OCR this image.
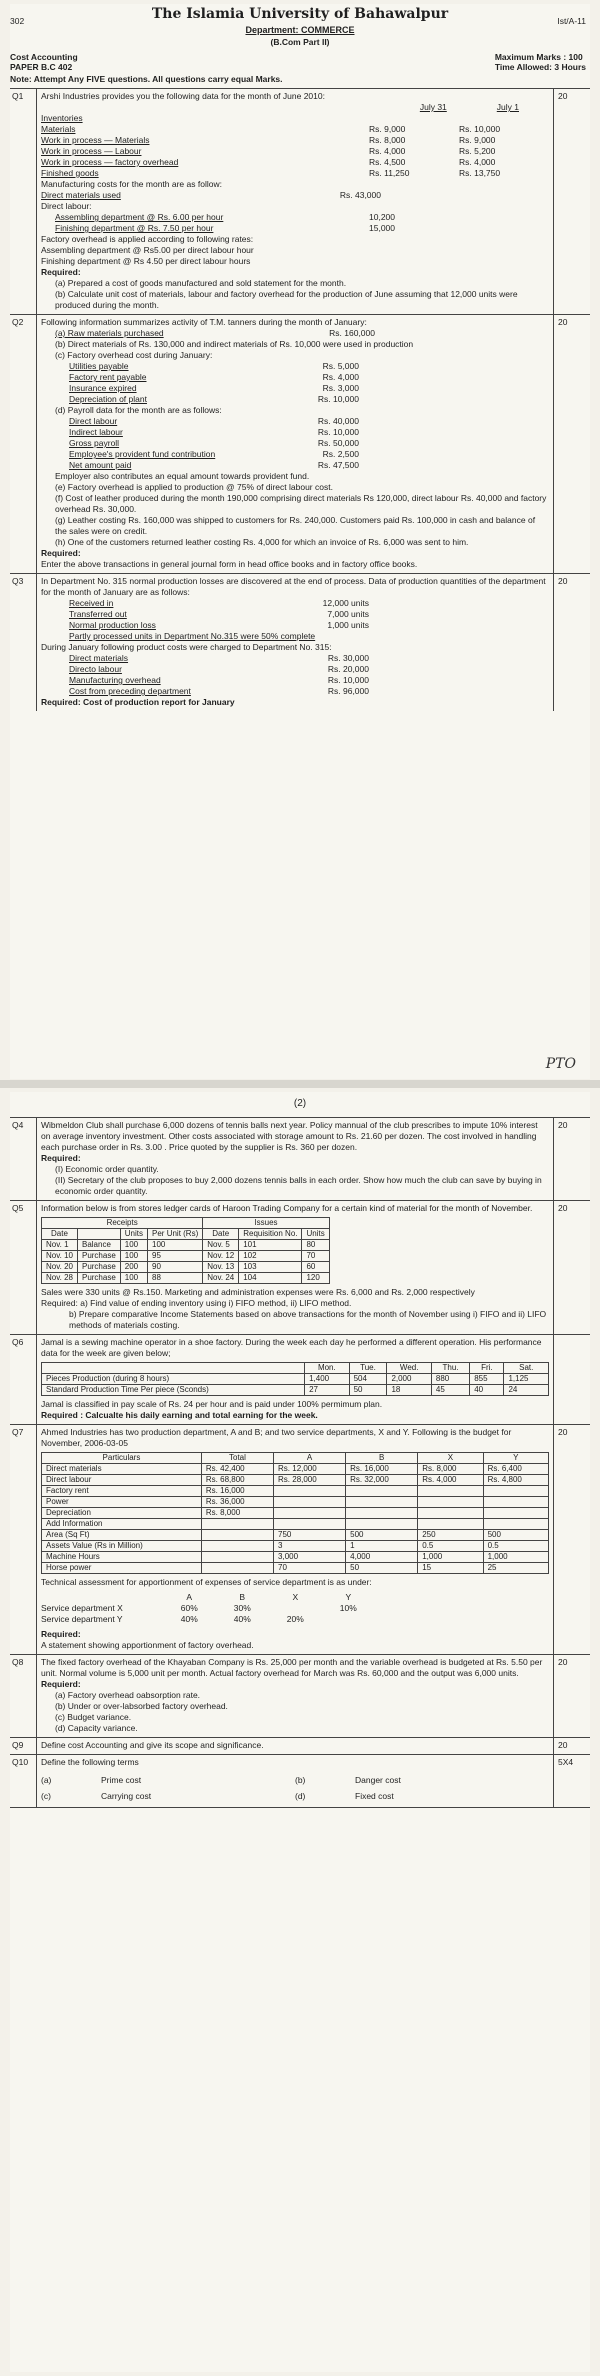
302	The Islamia University of Bahawalpur	Ist/A-11
Department: COMMERCE
(B.Com Part II)
Cost Accounting
PAPER B.C 402
Maximum Marks : 100
Time Allowed: 3 Hours
Note: Attempt Any FIVE questions. All questions carry equal Marks.
Q1	Arshi Industries provides you the following data for the month of June 2010:
July 31	July 1
Inventories
Materials	Rs. 9,000	Rs. 10,000
Work in process — Materials	Rs. 8,000	Rs. 9,000
Work in process — Labour	Rs. 4,000	Rs. 5,200
Work in process — factory overhead	Rs. 4,500	Rs. 4,000
Finished goods	Rs. 11,250	Rs. 13,750
Manufacturing costs for the month are as follow:
Direct materials used	Rs. 43,000
Direct labour:
Assembling department @ Rs. 6.00 per hour	10,200
Finishing department @ Rs. 7.50 per hour	15,000
Factory overhead is applied according to following rates:
Assembling department @ Rs5.00 per direct labour hour
Finishing department @ Rs 4.50 per direct labour hours
Required:
(a) Prepared a cost of goods manufactured and sold statement for the month.
(b) Calculate unit cost of materials, labour and factory overhead for the production of June assuming that 12,000 units were produced during the month.
20
Q2	Following information summarizes activity of T.M. tanners during the month of January:
(a) Raw materials purchased	Rs. 160,000
(b) Direct materials of Rs. 130,000 and indirect materials of Rs. 10,000 were used in production
(c) Factory overhead cost during January:
Utilities payable	Rs. 5,000
Factory rent payable	Rs. 4,000
Insurance expired	Rs. 3,000
Depreciation of plant	Rs. 10,000
(d) Payroll data for the month are as follows:
Direct labour	Rs. 40,000
Indirect labour	Rs. 10,000
Gross payroll	Rs. 50,000
Employee's provident fund contribution	Rs. 2,500
Net amount paid	Rs. 47,500
Employer also contributes an equal amount towards provident fund.
(e) Factory overhead is applied to production @ 75% of direct labour cost.
(f) Cost of leather produced during the month 190,000 comprising direct materials Rs 120,000, direct labour Rs. 40,000 and factory overhead Rs. 30,000.
(g) Leather costing Rs. 160,000 was shipped to customers for Rs. 240,000. Customers paid Rs. 100,000 in cash and balance of the sales were on credit.
(h) One of the customers returned leather costing Rs. 4,000 for which an invoice of Rs. 6,000 was sent to him.
Required:
Enter the above transactions in general journal form in head office books and in factory office books.
20
Q3	In Department No. 315 normal production losses are discovered at the end of process. Data of production quantities of the department for the month of January are as follows:
Received in	12,000 units
Transferred out	7,000 units
Normal production loss	1,000 units
Partly processed units in Department No.315 were 50% complete
During January following product costs were charged to Department No. 315:
Direct materials	Rs. 30,000
Directo labour	Rs. 20,000
Manufacturing overhead	Rs. 10,000
Cost from preceding department	Rs. 96,000
Required: Cost of production report for January
20
PTO
(2)
Q4	Wibmeldon Club shall purchase 6,000 dozens of tennis balls next year. Policy mannual of the club prescribes to impute 10% interest on average inventory investment. Other costs associated with storage amount to Rs. 21.60 per dozen. The cost involved in handling each purchase order in Rs. 3.00 . Price quoted by the supplier is Rs. 360 per dozen.
Required:
(I) Economic order quantity.
(II) Secretary of the club proposes to buy 2,000 dozens tennis balls in each order. Show how much the club can save by buying in economic order quantity.
20
Q5	Information below is from stores ledger cards of Haroon Trading Company for a certain kind of material for the month of November.
Receipts				Issues		
Date		Units	Per Unit (Rs)	Date	Requisition No.	Units
Nov. 1	Balance	100	100	Nov. 5	101	80
Nov. 10	Purchase	100	95	Nov. 12	102	70
Nov. 20	Purchase	200	90	Nov. 13	103	60
Nov. 28	Purchase	100	88	Nov. 24	104	120
Sales were 330 units @ Rs.150. Marketing and administration expenses were Rs. 6,000 and Rs. 2,000 respectively
Required: a) Find value of ending inventory using i) FIFO method, ii) LIFO method.
b) Prepare comparative Income Statements based on above transactions for the month of November using i) FIFO and ii) LIFO methods of materials costing.
20
Q6	Jamal is a sewing machine operator in a shoe factory. During the week each day he performed a different operation. His performance data for the week are given below;
	Mon.	Tue.	Wed.	Thu.	Fri.	Sat.
Pieces Production (during 8 hours)	1,400	504	2,000	880	855	1,125
Standard Production Time Per piece (Sconds)	27	50	18	45	40	24
Jamal is classified in pay scale of Rs. 24 per hour and is paid under 100% permimum plan.
Required : Calcualte his daily earning and total earning for the week.
Q7	Ahmed Industries has two production department, A and B; and two service departments, X and Y. Following is the budget for November, 2006-03-05
Particulars	Total	A	B	X	Y
Direct materials	Rs. 42,400	Rs. 12,000	Rs. 16,000	Rs. 8,000	Rs. 6,400
Direct labour	Rs. 68,800	Rs. 28,000	Rs. 32,000	Rs. 4,000	Rs. 4,800
Factory rent	Rs. 16,000				
Power	Rs. 36,000				
Depreciation	Rs. 8,000				
Add Information					
Area (Sq Ft)		750	500	250	500
Assets Value (Rs in Million)		3	1	0.5	0.5
Machine Hours		3,000	4,000	1,000	1,000
Horse power		70	50	15	25
Technical assessment for apportionment of expenses of service department is as under:
	A	B	X	Y
Service department X	60%	30%		10%
Service department Y	40%	40%	20%	
Required:
A statement showing apportionment of factory overhead.
20
Q8	The fixed factory overhead of the Khayaban Company is Rs. 25,000 per month and the variable overhead is budgeted at Rs. 5.50 per unit. Normal volume is 5,000 unit per month. Actual factory overhead for March was Rs. 60,000 and the output was 6,000 units.
Requierd:
(a) Factory overhead oabsorption rate.
(b) Under or over-labsorbed factory overhead.
(c) Budget variance.
(d) Capacity variance.
20
Q9	Define cost Accounting and give its scope and significance.	20
Q10	Define the following terms
(a)	Prime cost	(b)	Danger cost
(c)	Carrying cost	(d)	Fixed cost
5X4
